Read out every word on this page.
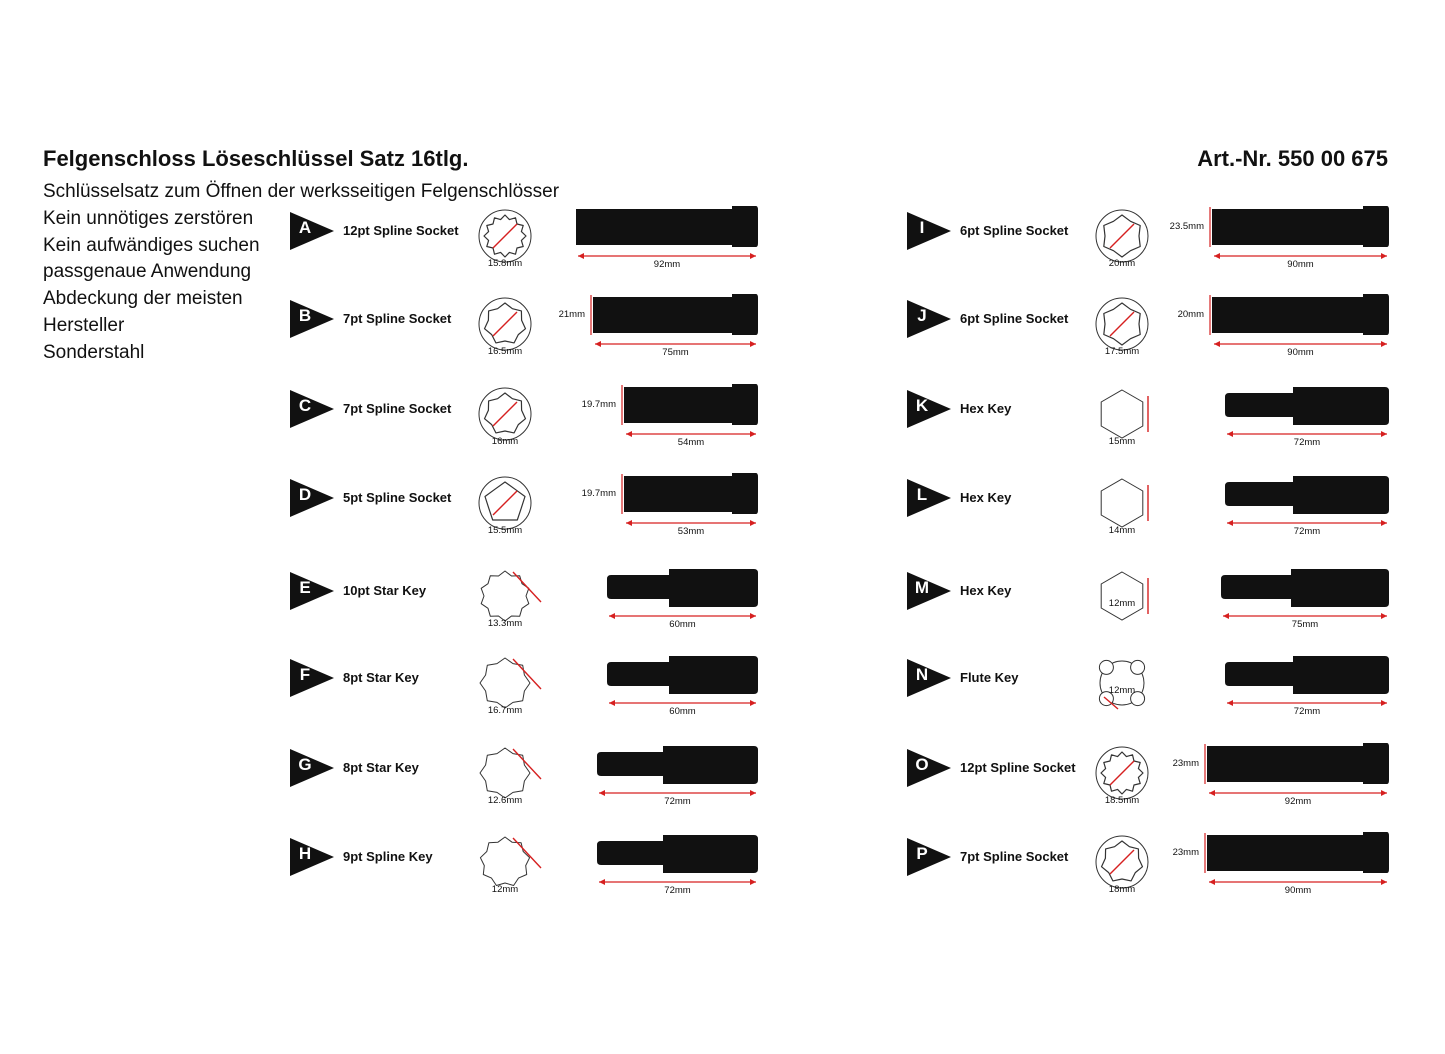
Felgenschloss Löseschlüssel Satz 16tlg.	Art.-Nr. 550 00 675
Schlüsselsatz zum Öffnen der werksseitigen Felgenschlösser
Kein unnötiges zerstören
Kein aufwändiges suchen
passgenaue Anwendung
Abdeckung der meisten
Hersteller
Sonderstahl
A	12pt Spline Socket
15.8mm	92mm
B	7pt Spline Socket
16.5mm	75mm
21mm
C	7pt Spline Socket
16mm	54mm
19.7mm
D	5pt Spline Socket
15.5mm	53mm
19.7mm
E	10pt Star Key
13.3mm	60mm
F	8pt Star Key
16.7mm	60mm
G	8pt Star Key
12.6mm	72mm
H	9pt Spline Key
12mm	72mm
I	6pt Spline Socket
20mm	90mm
23.5mm
J	6pt Spline Socket
17.5mm	90mm
20mm
K	Hex Key
15mm	72mm
L	Hex Key
14mm	72mm
M	Hex Key
12mm
75mm
N	Flute Key
12mm
72mm
O	12pt Spline Socket
18.5mm	92mm
23mm
P	7pt Spline Socket
18mm	90mm
23mm
